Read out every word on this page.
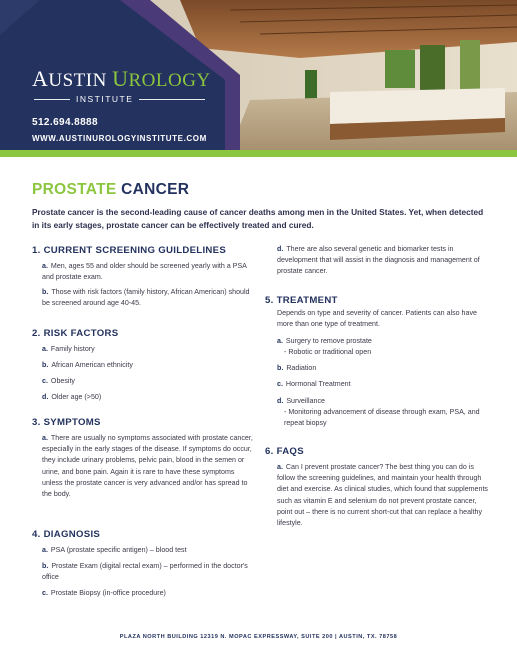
AUSTIN UROLOGY
INSTITUTE
512.694.8888
WWW.AUSTINUROLOGYINSTITUTE.COM
PROSTATE CANCER
Prostate cancer is the second-leading cause of cancer deaths among men in the United States. Yet, when detected in its early stages, prostate cancer can be effectively treated and cured.
1. CURRENT SCREENING GUILDELINES
a. Men, ages 55 and older should be screened yearly with a PSA and prostate exam.
b. Those with risk factors (family history, African American) should be screened around age 40-45.
2. RISK FACTORS
a. Family history
b. African American ethnicity
c. Obesity
d. Older age (>50)
3. SYMPTOMS
a. There are usually no symptoms associated with prostate cancer, especially in the early stages of the disease. If symptoms do occur, they include urinary problems, pelvic pain, blood in the semen or urine, and bone pain. Again it is rare to have these symptoms unless the prostate cancer is very advanced and/or has spread to the body.
4. DIAGNOSIS
a. PSA (prostate specific antigen) – blood test
b. Prostate Exam (digital rectal exam) – performed in the doctor's office
c. Prostate Biopsy (in-office procedure)
d. There are also several genetic and biomarker tests in development that will assist in the diagnosis and management of prostate cancer.
5. TREATMENT
Depends on type and severity of cancer. Patients can also have more than one type of treatment.
a. Surgery to remove prostate
- Robotic or traditional open
b. Radiation
c. Hormonal Treatment
d. Surveillance
- Monitoring advancement of disease through exam, PSA, and repeat biopsy
6. FAQS
a. Can I prevent prostate cancer? The best thing you can do is follow the screening guidelines, and maintain your health through diet and exercise. As clinical studies, which found that supplements such as vitamin E and selenium do not prevent prostate cancer, point out – there is no current short-cut that can replace a healthy lifestyle.
PLAZA NORTH BUILDING 12319 N. MOPAC EXPRESSWAY, SUITE 200 | AUSTIN, TX. 78758
